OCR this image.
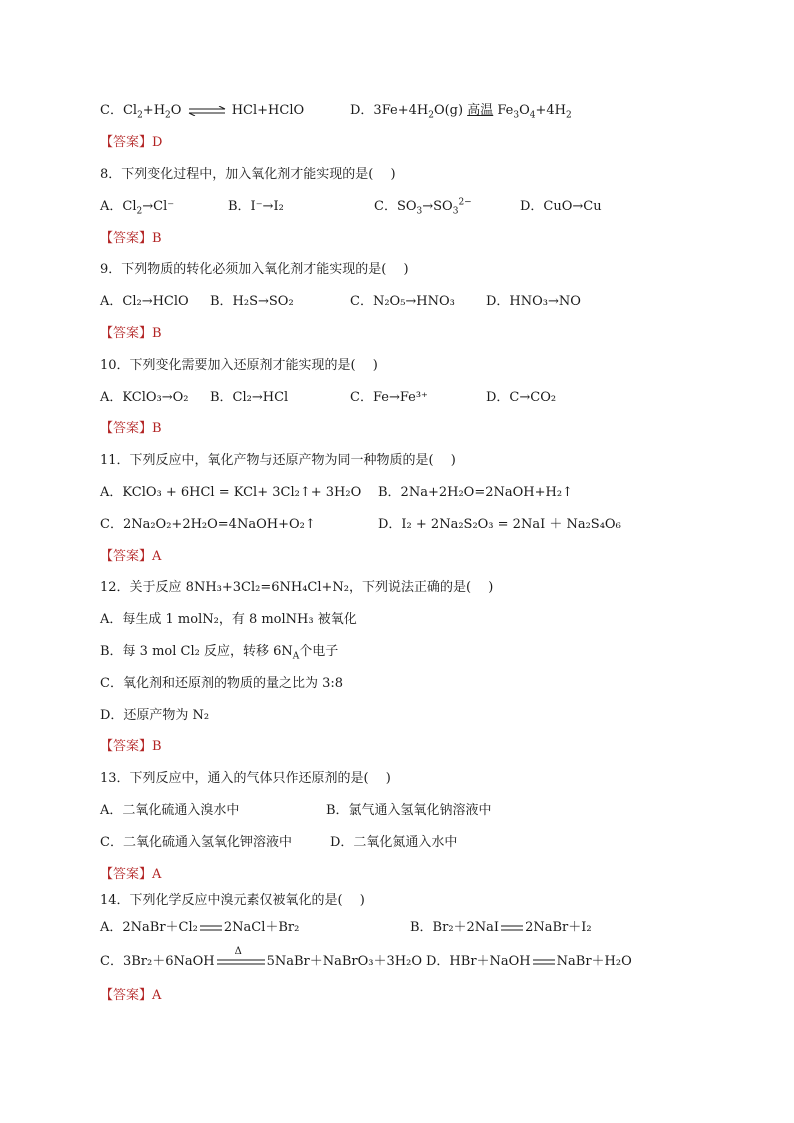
C．$Cl_2+H_2O$ ⇌ HCl+HClO	D．$3Fe+4H_2O(g)$ 高温 $Fe_3O_4+4H_2$
【答案】D
8．下列变化过程中，加入氧化剂才能实现的是(　 )
A．$Cl_2\to Cl^-$	B．I⁻→I₂	C．$SO_3\to SO_3^{2-}$	D．CuO→Cu
【答案】B
9．下列物质的转化必须加入氧化剂才能实现的是(　 )
A．Cl₂→HClO B．H₂S→SO₂	C．N₂O₅→HNO₃ D．HNO₃→NO
【答案】B
10．下列变化需要加入还原剂才能实现的是(　 )
A．KClO₃→O₂ B．Cl₂→HCl	C．Fe→Fe³⁺	D．C→CO₂
【答案】B
11．下列反应中，氧化产物与还原产物为同一种物质的是(　 )
A．KClO₃ + 6HCl = KCl+ 3Cl₂↑+ 3H₂O B．2Na+2H₂O=2NaOH+H₂↑
C．2Na₂O₂+2H₂O=4NaOH+O₂↑	D．I₂ + 2Na₂S₂O₃ = 2NaI ＋ Na₂S₄O₆
【答案】A
12．关于反应 8NH₃+3Cl₂=6NH₄Cl+N₂，下列说法正确的是(　 )
A．每生成 1 molN₂，有 8 molNH₃ 被氧化
B．每 3 mol Cl₂ 反应，转移 $6N_A$个电子
C．氧化剂和还原剂的物质的量之比为 3:8
D．还原产物为 N₂
【答案】B
13．下列反应中，通入的气体只作还原剂的是(　 )
A．二氧化硫通入溴水中	B．氯气通入氢氧化钠溶液中
C．二氧化硫通入氢氧化钾溶液中	D．二氧化氮通入水中
【答案】A
14．下列化学反应中溴元素仅被氧化的是(　 )
A．2NaBr＋Cl₂ 2NaCl＋Br₂	B．Br₂＋2NaI 2NaBr＋I₂
C．3Br₂＋6NaOH
Δ
5NaBr＋NaBrO₃＋3H₂O D．HBr＋NaOH NaBr＋H₂O
【答案】A
